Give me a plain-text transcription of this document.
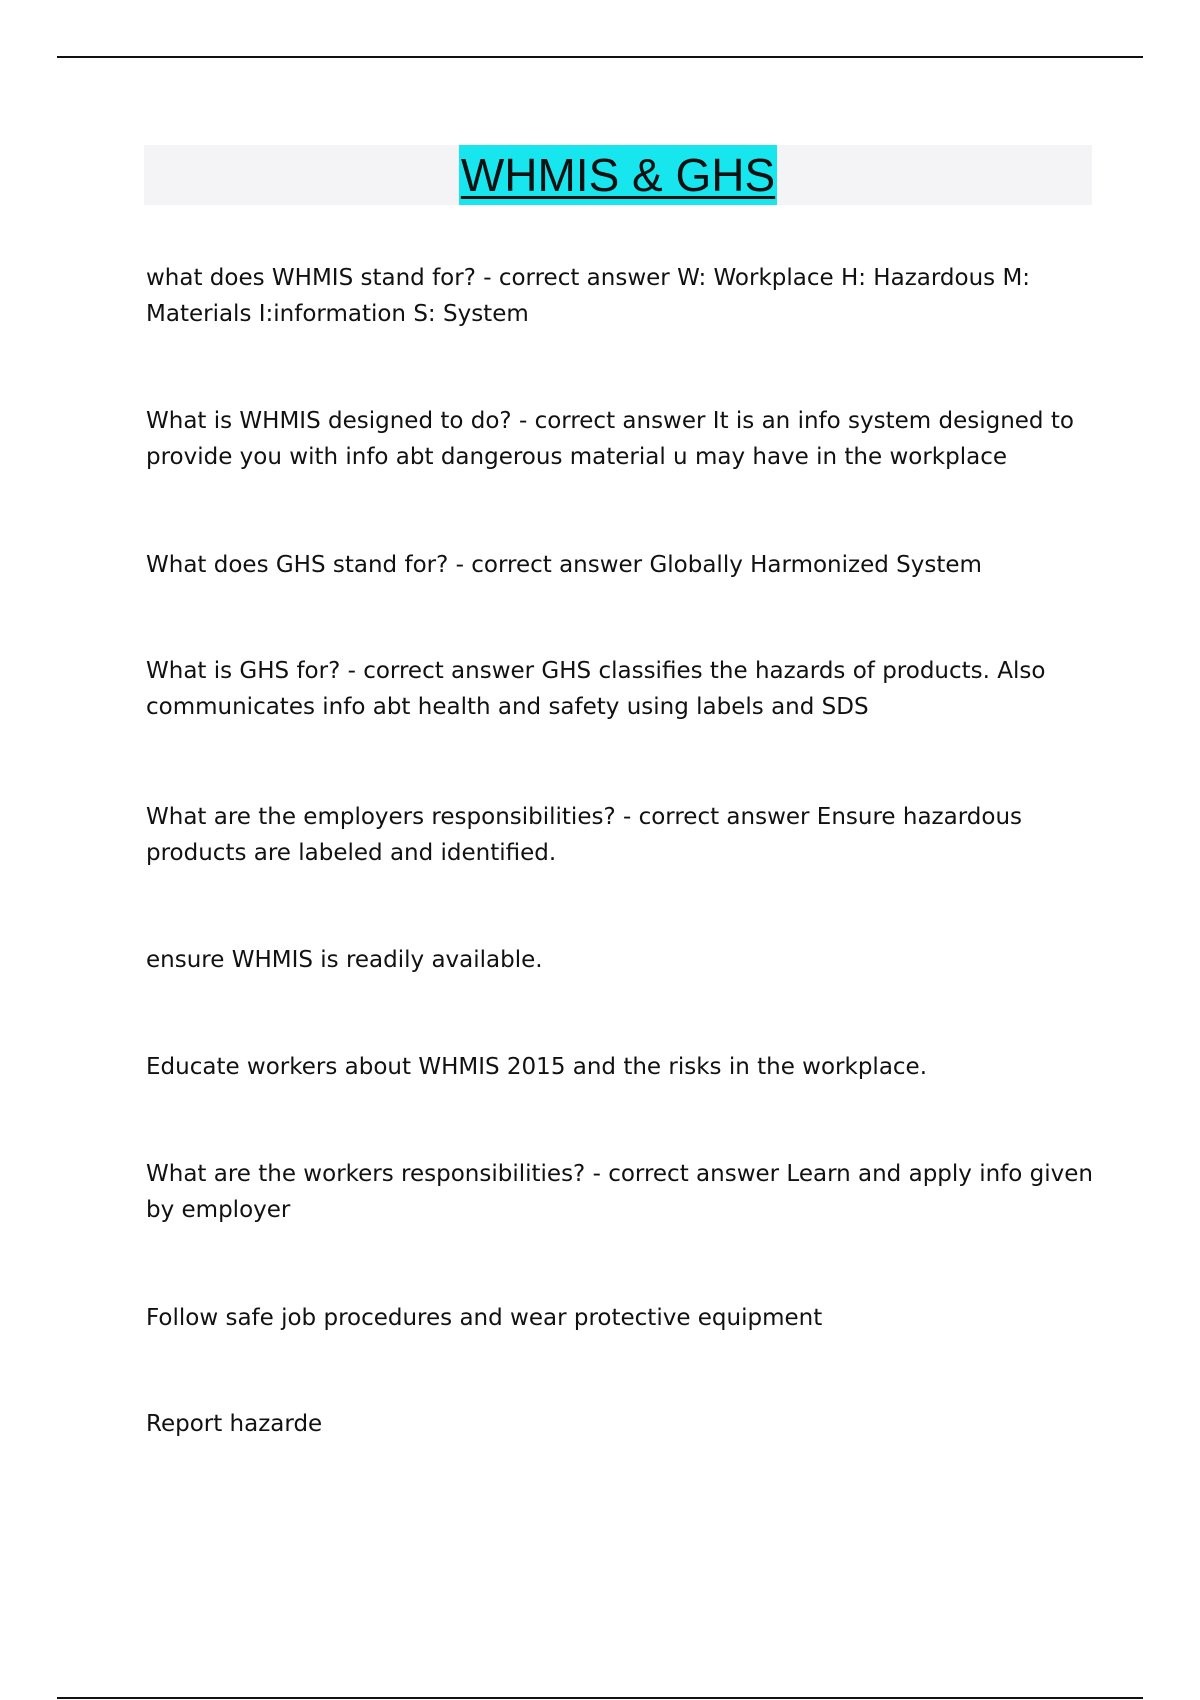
WHMIS & GHS

what does WHMIS stand for? - correct answer W: Workplace H: Hazardous M: Materials I:information S: System

What is WHMIS designed to do? - correct answer It is an info system designed to provide you with info abt dangerous material u may have in the workplace

What does GHS stand for? - correct answer Globally Harmonized System

What is GHS for? - correct answer GHS classifies the hazards of products. Also communicates info abt health and safety using labels and SDS

What are the employers responsibilities? - correct answer Ensure hazardous products are labeled and identified.

ensure WHMIS is readily available.

Educate workers about WHMIS 2015 and the risks in the workplace.

What are the workers responsibilities? - correct answer Learn and apply info given by employer

Follow safe job procedures and wear protective equipment

Report hazarde
